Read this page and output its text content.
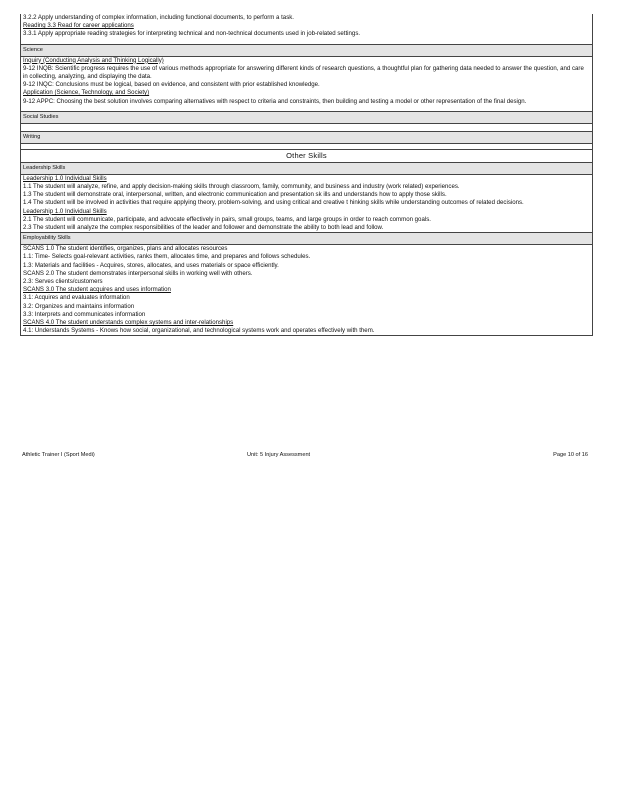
3.2.2 Apply understanding of complex information, including functional documents, to perform a task.
Reading 3.3 Read for career applications
3.3.1 Apply appropriate reading strategies for interpreting technical and non-technical documents used in job-related settings.
Science
Inquiry (Conducting Analysis and Thinking Logically)
9-12 INQB: Scientific progress requires the use of various methods appropriate for answering different kinds of research questions, a thoughtful plan for gathering data needed to answer the question, and care in collecting, analyzing, and displaying the data.
9-12 INQC: Conclusions must be logical, based on evidence, and consistent with prior established knowledge.
Application (Science, Technology, and Society)
9-12 APPC: Choosing the best solution involves comparing alternatives with respect to criteria and constraints, then building and testing a model or other representation of the final design.
Social Studies
Writing
Other Skills
Leadership Skills
Leadership 1.0 Individual Skills
1.1 The student will analyze, refine, and apply decision-making skills through classroom, family, community, and business and industry (work related) experiences.
1.3 The student will demonstrate oral, interpersonal, written, and electronic communication and presentation sk ills and understands how to apply those skills.
1.4 The student will be involved in activities that require applying theory, problem-solving, and using critical and creative t hinking skills while understanding outcomes of related decisions.
Leadership 1.0 Individual Skills
2.1 The student will communicate, participate, and advocate effectively in pairs, small groups, teams, and large groups in order to reach common goals.
2.3 The student will analyze the complex responsibilities of the leader and follower and demonstrate the ability to both lead and follow.
Employability Skills
SCANS 1.0 The student identifies, organizes, plans and allocates resources
1.1: Time- Selects goal-relevant activities, ranks them, allocates time, and prepares and follows schedules.
1.3: Materials and facilities - Acquires, stores, allocates, and uses materials or space efficiently.
SCANS 2.0 The student demonstrates interpersonal skills in working well with others.
2.3: Serves clients/customers
SCANS 3.0 The student acquires and uses information
3.1: Acquires and evaluates information
3.2: Organizes and maintains information
3.3: Interprets and communicates information
SCANS 4.0 The student understands complex systems and inter-relationships
4.1: Understands Systems - Knows how social, organizational, and technological systems work and operates effectively with them.
Athletic Trainer I (Sport Medi)	Unit: 5 Injury Assessment	Page 10 of 16
